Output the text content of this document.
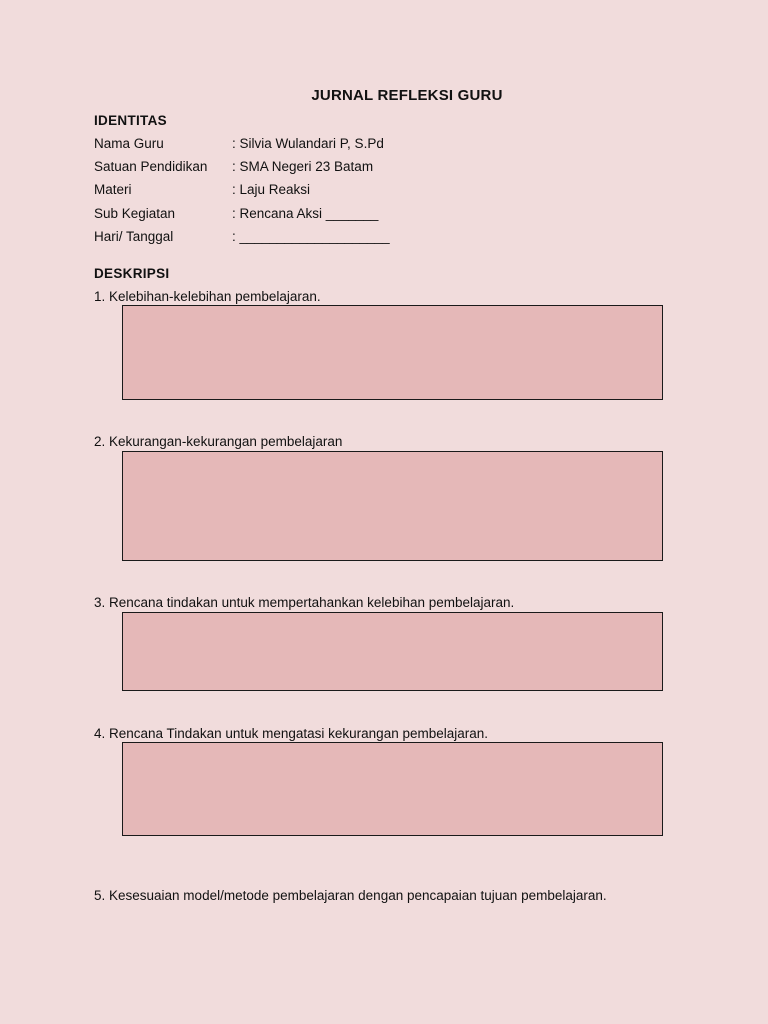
JURNAL REFLEKSI GURU
IDENTITAS
Nama Guru	: Silvia Wulandari P, S.Pd
Satuan Pendidikan : SMA Negeri 23 Batam
Materi	: Laju Reaksi
Sub Kegiatan	: Rencana Aksi _______
Hari/ Tanggal	: ____________________
DESKRIPSI
1. Kelebihan-kelebihan pembelajaran.
2. Kekurangan-kekurangan pembelajaran
3. Rencana tindakan untuk mempertahankan kelebihan pembelajaran.
4. Rencana Tindakan untuk mengatasi kekurangan pembelajaran.
5. Kesesuaian model/metode pembelajaran dengan pencapaian tujuan pembelajaran.
